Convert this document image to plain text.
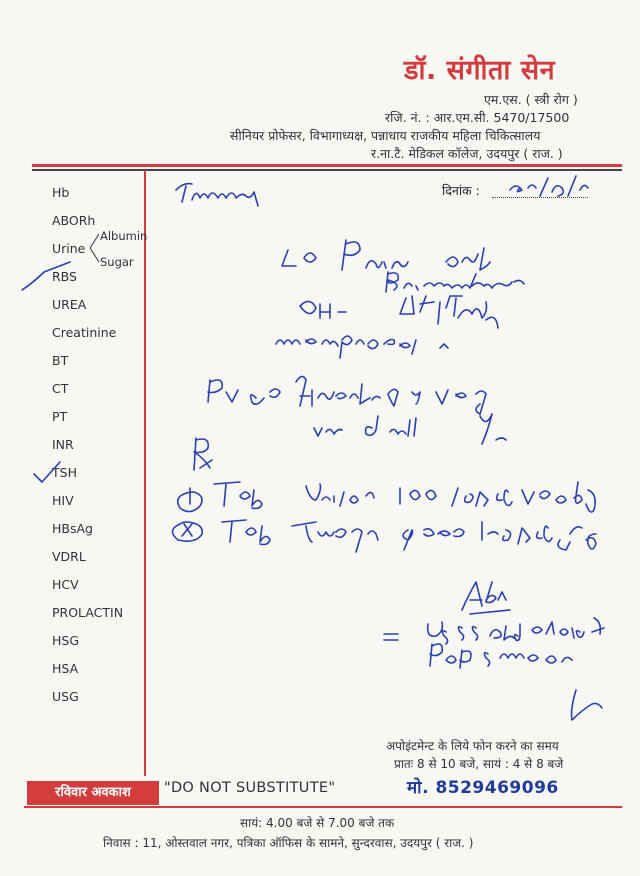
डॉ. संगीता सेन
एम.एस. ( स्त्री रोग )
रजि. नं. : आर.एम.सी. 5470/17500
सीनियर प्रोफेसर, विभागाध्यक्ष, पन्नाधाय राजकीय महिला चिकित्सालय
र.ना.टै. मेडिकल कॉलेज, उदयपुर ( राज. )
Hb
ABORh
Urine
Albumin
Sugar
RBS
UREA
Creatinine
BT
CT
PT
INR
TSH
HIV
HBsAg
VDRL
HCV
PROLACTIN
HSG
HSA
USG
दिनांक :
अपोइंटमेन्ट के लिये फोन करने का समय
प्रातः 8 से 10 बजे, सायं : 4 से 8 बजे
मो. 8529469096
रविवार अवकाश	"DO NOT SUBSTITUTE"
सायं: 4.00 बजे से 7.00 बजे तक
निवास : 11, ओस्तवाल नगर, पत्रिका ऑफिस के सामने, सुन्दरवास, उदयपुर ( राज. )
